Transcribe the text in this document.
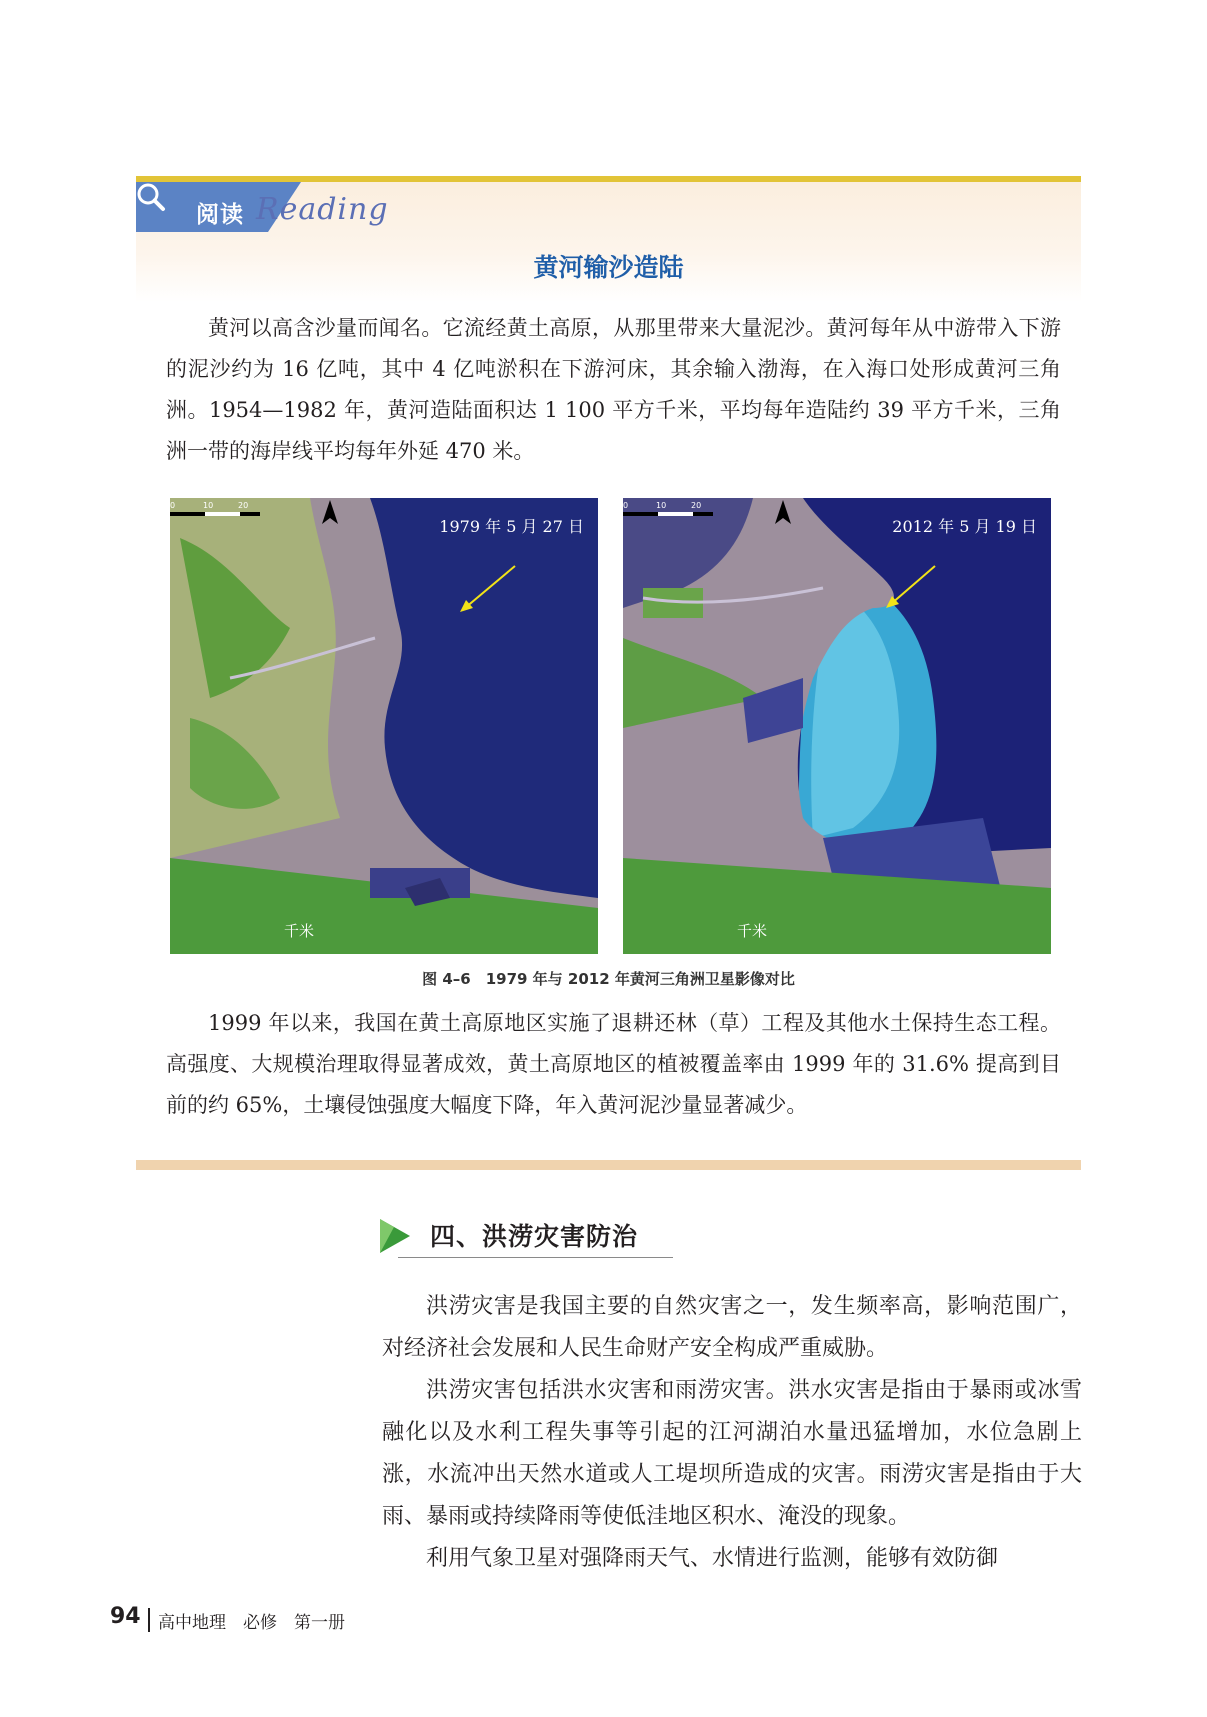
阅读 Reading
黄河输沙造陆
黄河以高含沙量而闻名。它流经黄土高原，从那里带来大量泥沙。黄河每年从中游带入下游的泥沙约为 16 亿吨，其中 4 亿吨淤积在下游河床，其余输入渤海，在入海口处形成黄河三角洲。1954—1982 年，黄河造陆面积达 1 100 平方千米，平均每年造陆约 39 平方千米，三角洲一带的海岸线平均每年外延 470 米。
1979 年 5 月 27 日
0	10	20
千米
2012 年 5 月 19 日
0	10	20
千米
图 4–6　1979 年与 2012 年黄河三角洲卫星影像对比
1999 年以来，我国在黄土高原地区实施了退耕还林（草）工程及其他水土保持生态工程。高强度、大规模治理取得显著成效，黄土高原地区的植被覆盖率由 1999 年的 31.6% 提高到目前的约 65%，土壤侵蚀强度大幅度下降，年入黄河泥沙量显著减少。
四、洪涝灾害防治
洪涝灾害是我国主要的自然灾害之一，发生频率高，影响范围广，对经济社会发展和人民生命财产安全构成严重威胁。
洪涝灾害包括洪水灾害和雨涝灾害。洪水灾害是指由于暴雨或冰雪融化以及水利工程失事等引起的江河湖泊水量迅猛增加，水位急剧上涨，水流冲出天然水道或人工堤坝所造成的灾害。雨涝灾害是指由于大雨、暴雨或持续降雨等使低洼地区积水、淹没的现象。
利用气象卫星对强降雨天气、水情进行监测，能够有效防御
94 高中地理　必修　第一册
